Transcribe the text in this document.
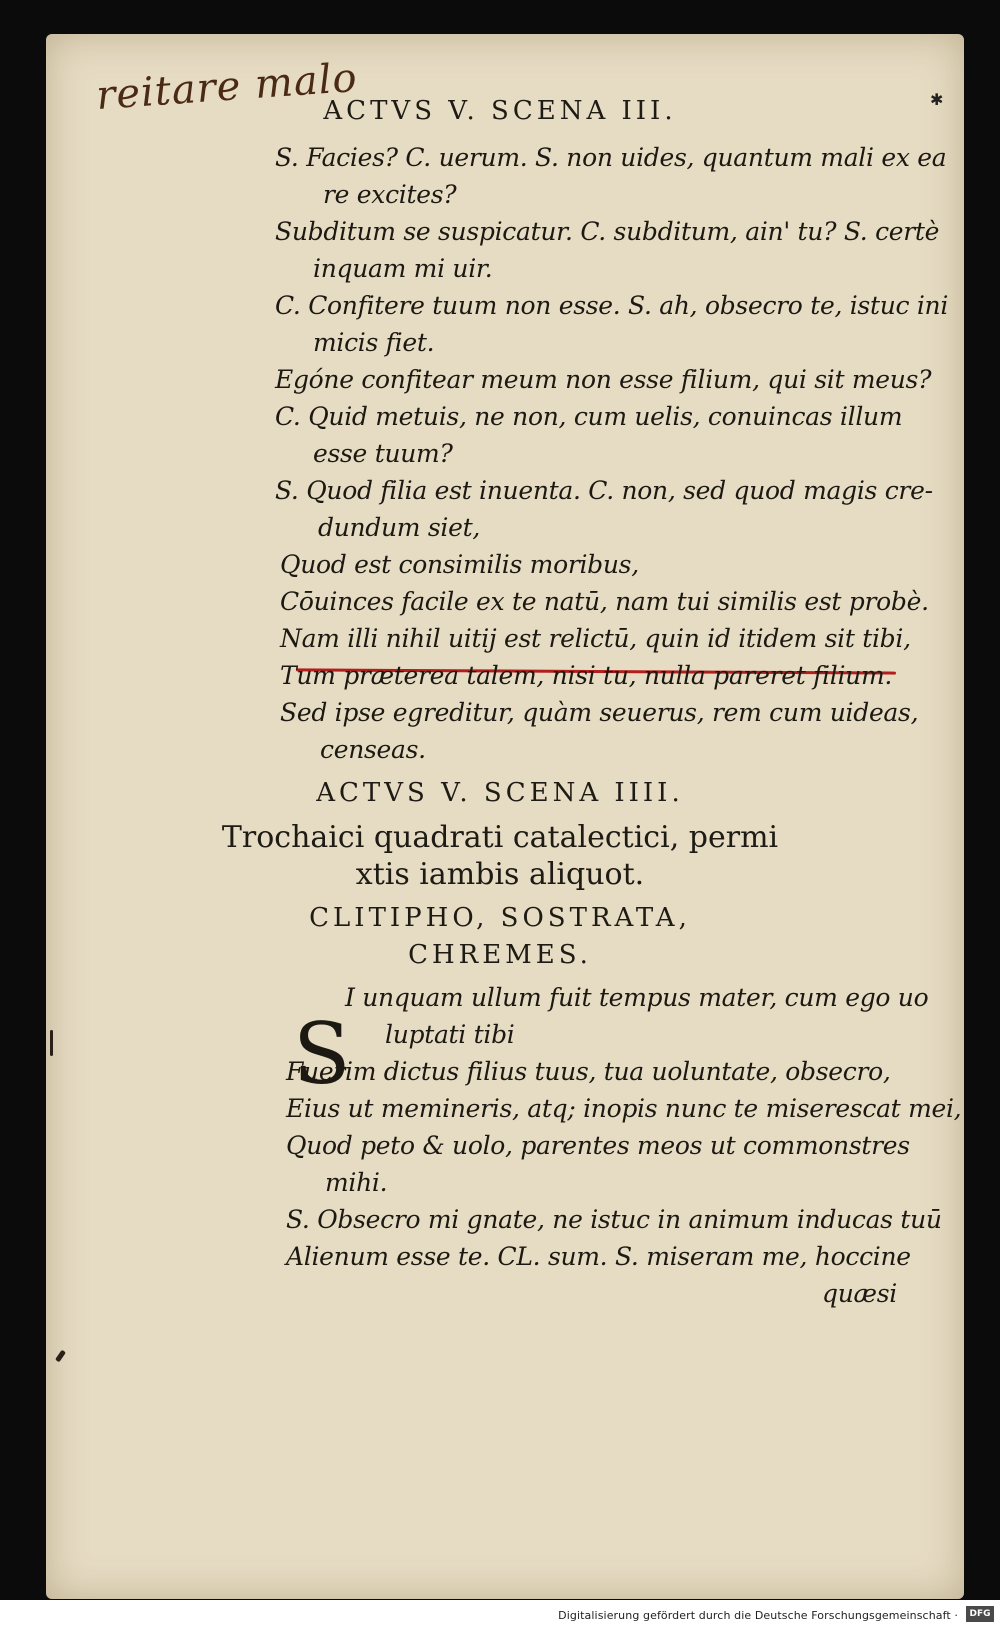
reitare malo	✱
ACTVS V. SCENA III.
S. Facies? C. uerum. S. non uides, quantum mali ex ea
re excites?
Subditum se suspicatur. C. subditum, ain' tu? S. certè
inquam mi uir.
C. Confitere tuum non esse. S. ah, obsecro te, istuc ini
micis fiet.
Egóne confitear meum non esse filium, qui sit meus?
C. Quid metuis, ne non, cum uelis, conuincas illum
esse tuum?
S. Quod filia est inuenta. C. non, sed quod magis cre-
dundum siet,
Quod est consimilis moribus,
Cōuinces facile ex te natū, nam tui similis est probè.
Nam illi nihil uitij est relictū, quin id itidem sit tibi,
Tum præterea talem, nisi tu, nulla pareret filium.
Sed ipse egreditur, quàm seuerus, rem cum uideas,
censeas.
ACTVS V. SCENA IIII.
Trochaici quadrati catalectici, permi
xtis iambis aliquot.
CLITIPHO, SOSTRATA,
CHREMES.
S
I unquam ullum fuit tempus mater, cum ego uo
luptati tibi
Fuerim dictus filius tuus, tua uoluntate, obsecro,
Eius ut memineris, atq; inopis nunc te miserescat mei,
Quod peto & uolo, parentes meos ut commonstres
mihi.
S. Obsecro mi gnate, ne istuc in animum inducas tuū
Alienum esse te. CL. sum. S. miseram me, hoccine
quæsi
Digitalisierung gefördert durch die Deutsche Forschungsgemeinschaft ·	DFG
